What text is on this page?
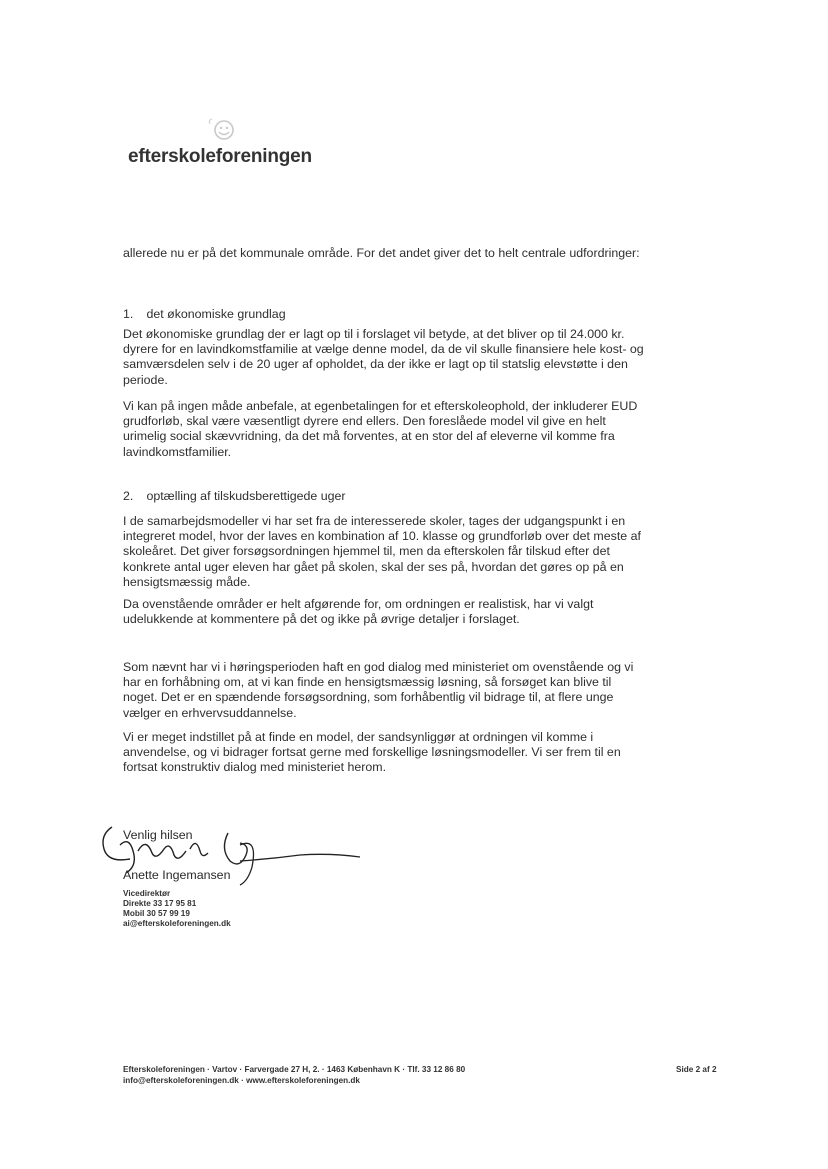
efterskoleforeningen

allerede nu er på det kommunale område. For det andet giver det to helt centrale udfordringer:

1. det økonomiske grundlag

Det økonomiske grundlag der er lagt op til i forslaget vil betyde, at det bliver op til 24.000 kr. dyrere for en lavindkomstfamilie at vælge denne model, da de vil skulle finansiere hele kost- og samværsdelen selv i de 20 uger af opholdet, da der ikke er lagt op til statslig elevstøtte i den periode.

Vi kan på ingen måde anbefale, at egenbetalingen for et efterskoleophold, der inkluderer EUD grudforløb, skal være væsentligt dyrere end ellers. Den foreslåede model vil give en helt urimelig social skævvridning, da det må forventes, at en stor del af eleverne vil komme fra lavindkomstfamilier.

2. optælling af tilskudsberettigede uger

I de samarbejdsmodeller vi har set fra de interesserede skoler, tages der udgangspunkt i en integreret model, hvor der laves en kombination af 10. klasse og grundforløb over det meste af skoleåret. Det giver forsøgsordningen hjemmel til, men da efterskolen får tilskud efter det konkrete antal uger eleven har gået på skolen, skal der ses på, hvordan det gøres op på en hensigtsmæssig måde.

Da ovenstående områder er helt afgørende for, om ordningen er realistisk, har vi valgt udelukkende at kommentere på det og ikke på øvrige detaljer i forslaget.

Som nævnt har vi i høringsperioden haft en god dialog med ministeriet om ovenstående og vi har en forhåbning om, at vi kan finde en hensigtsmæssig løsning, så forsøget kan blive til noget. Det er en spændende forsøgsordning, som forhåbentlig vil bidrage til, at flere unge vælger en erhvervsuddannelse.

Vi er meget indstillet på at finde en model, der sandsynliggør at ordningen vil komme i anvendelse, og vi bidrager fortsat gerne med forskellige løsningsmodeller. Vi ser frem til en fortsat konstruktiv dialog med ministeriet herom.

Venlig hilsen
Anette Ingemansen
Vicedirektør
Direkte 33 17 95 81
Mobil 30 57 99 19
ai@efterskoleforeningen.dk
Efterskoleforeningen · Vartov · Farvergade 27 H, 2. · 1463 København K · Tlf. 33 12 86 80
info@efterskoleforeningen.dk · www.efterskoleforeningen.dk
Side 2 af 2
